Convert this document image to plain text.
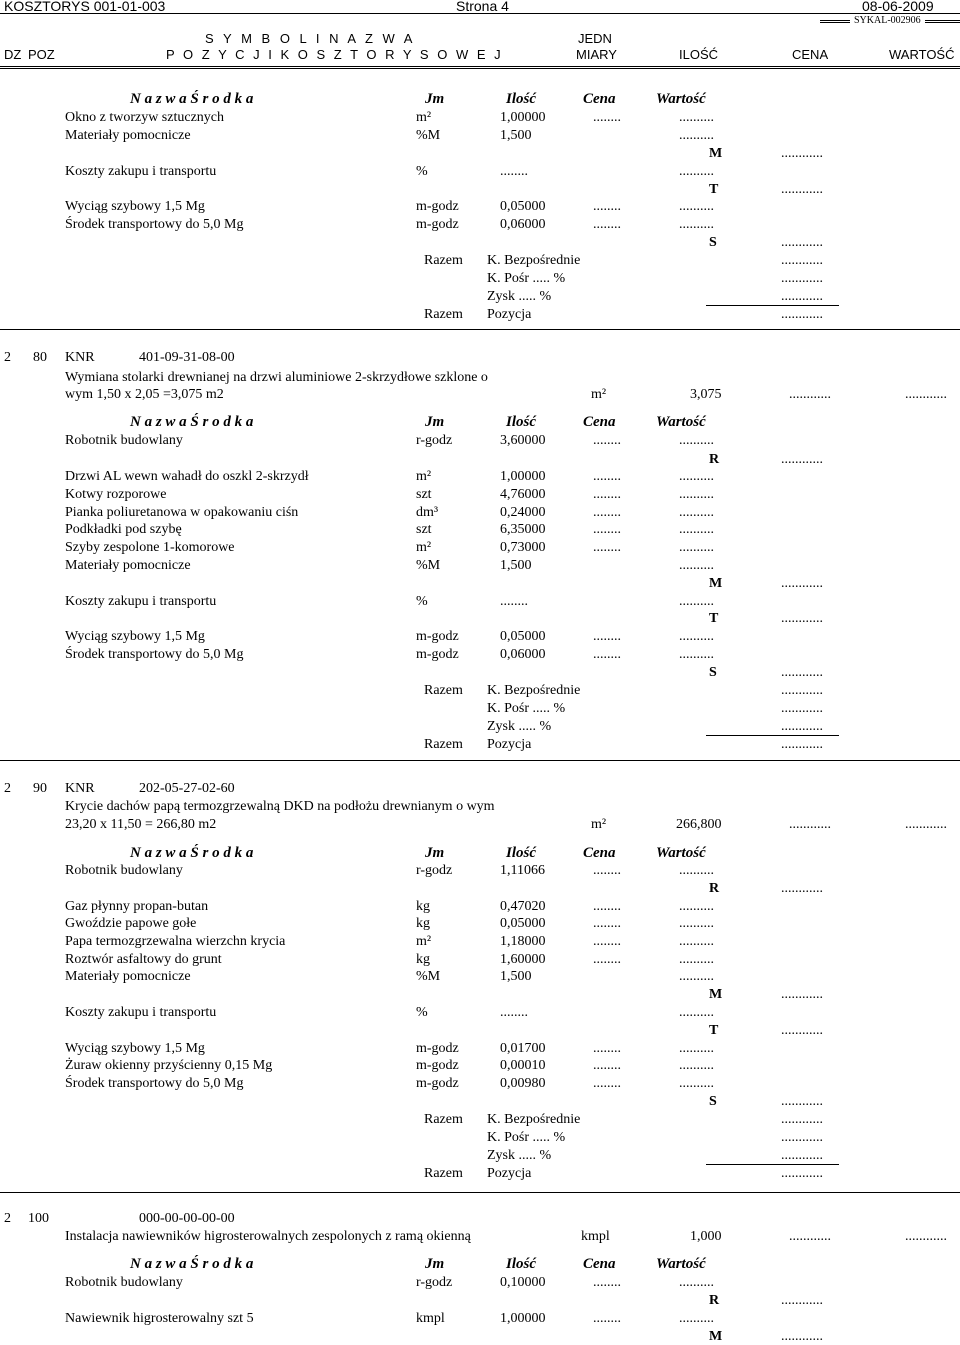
KOSZTORYS 001-01-003	Strona 4	08-06-2009
SYKAL-002906
S Y M B O L I N A Z W A	JEDN
DZ POZ	P O Z Y C J I K O S Z T O R Y S O W E J	MIARY	ILOŚĆ	CENA	WARTOŚĆ
N a z w a Ś r o d k a	Jm	Ilość	Cena	Wartość
Okno z tworzyw sztucznych	m²	1,00000	........	..........
Materiały pomocnicze	%M	1,500	..........
M	............
Koszty zakupu i transportu	%	........	..........
T	............
Wyciąg szybowy 1,5 Mg	m-godz	0,05000	........	..........
Środek transportowy do 5,0 Mg	m-godz	0,06000	........	..........
S	............
Razem K. Bezpośrednie	............
K. Pośr ..... %	............
Zysk ..... %	............
Razem Pozycja	............
2 80 KNR	401-09-31-08-00
Wymiana stolarki drewnianej na drzwi aluminiowe 2-skrzydłowe szklone o
wym 1,50 x 2,05 =3,075 m2	m²	3,075	............	............
N a z w a Ś r o d k a	Jm	Ilość	Cena	Wartość
Robotnik budowlany	r-godz	3,60000	........	..........
R	............
Drzwi AL wewn wahadł do oszkl 2-skrzydł	m²	1,00000	........	..........
Kotwy rozporowe	szt	4,76000	........	..........
Pianka poliuretanowa w opakowaniu ciśn	dm³	0,24000	........	..........
Podkładki pod szybę	szt	6,35000	........	..........
Szyby zespolone 1-komorowe	m²	0,73000	........	..........
Materiały pomocnicze	%M	1,500	..........
M	............
Koszty zakupu i transportu	%	........	..........
T	............
Wyciąg szybowy 1,5 Mg	m-godz	0,05000	........	..........
Środek transportowy do 5,0 Mg	m-godz	0,06000	........	..........
S	............
Razem K. Bezpośrednie	............
K. Pośr ..... %	............
Zysk ..... %	............
Razem Pozycja	............
2 90 KNR	202-05-27-02-60
Krycie dachów papą termozgrzewalną DKD na podłożu drewnianym o wym
23,20 x 11,50 = 266,80 m2	m²	266,800	............	............
N a z w a Ś r o d k a	Jm	Ilość	Cena	Wartość
Robotnik budowlany	r-godz	1,11066	........	..........
R	............
Gaz płynny propan-butan	kg	0,47020	........	..........
Gwoździe papowe gołe	kg	0,05000	........	..........
Papa termozgrzewalna wierzchn krycia	m²	1,18000	........	..........
Roztwór asfaltowy do grunt	kg	1,60000	........	..........
Materiały pomocnicze	%M	1,500	..........
M	............
Koszty zakupu i transportu	%	........	..........
T	............
Wyciąg szybowy 1,5 Mg	m-godz	0,01700	........	..........
Żuraw okienny przyścienny 0,15 Mg	m-godz	0,00010	........	..........
Środek transportowy do 5,0 Mg	m-godz	0,00980	........	..........
S	............
Razem K. Bezpośrednie	............
K. Pośr ..... %	............
Zysk ..... %	............
Razem Pozycja	............
2 100	000-00-00-00-00
Instalacja nawiewników higrosterowalnych zespolonych z ramą okienną	kmpl	1,000	............	............
N a z w a Ś r o d k a	Jm	Ilość	Cena	Wartość
Robotnik budowlany	r-godz	0,10000	........	..........
R	............
Nawiewnik higrosterowalny szt 5	kmpl	1,00000	........	..........
M	............
